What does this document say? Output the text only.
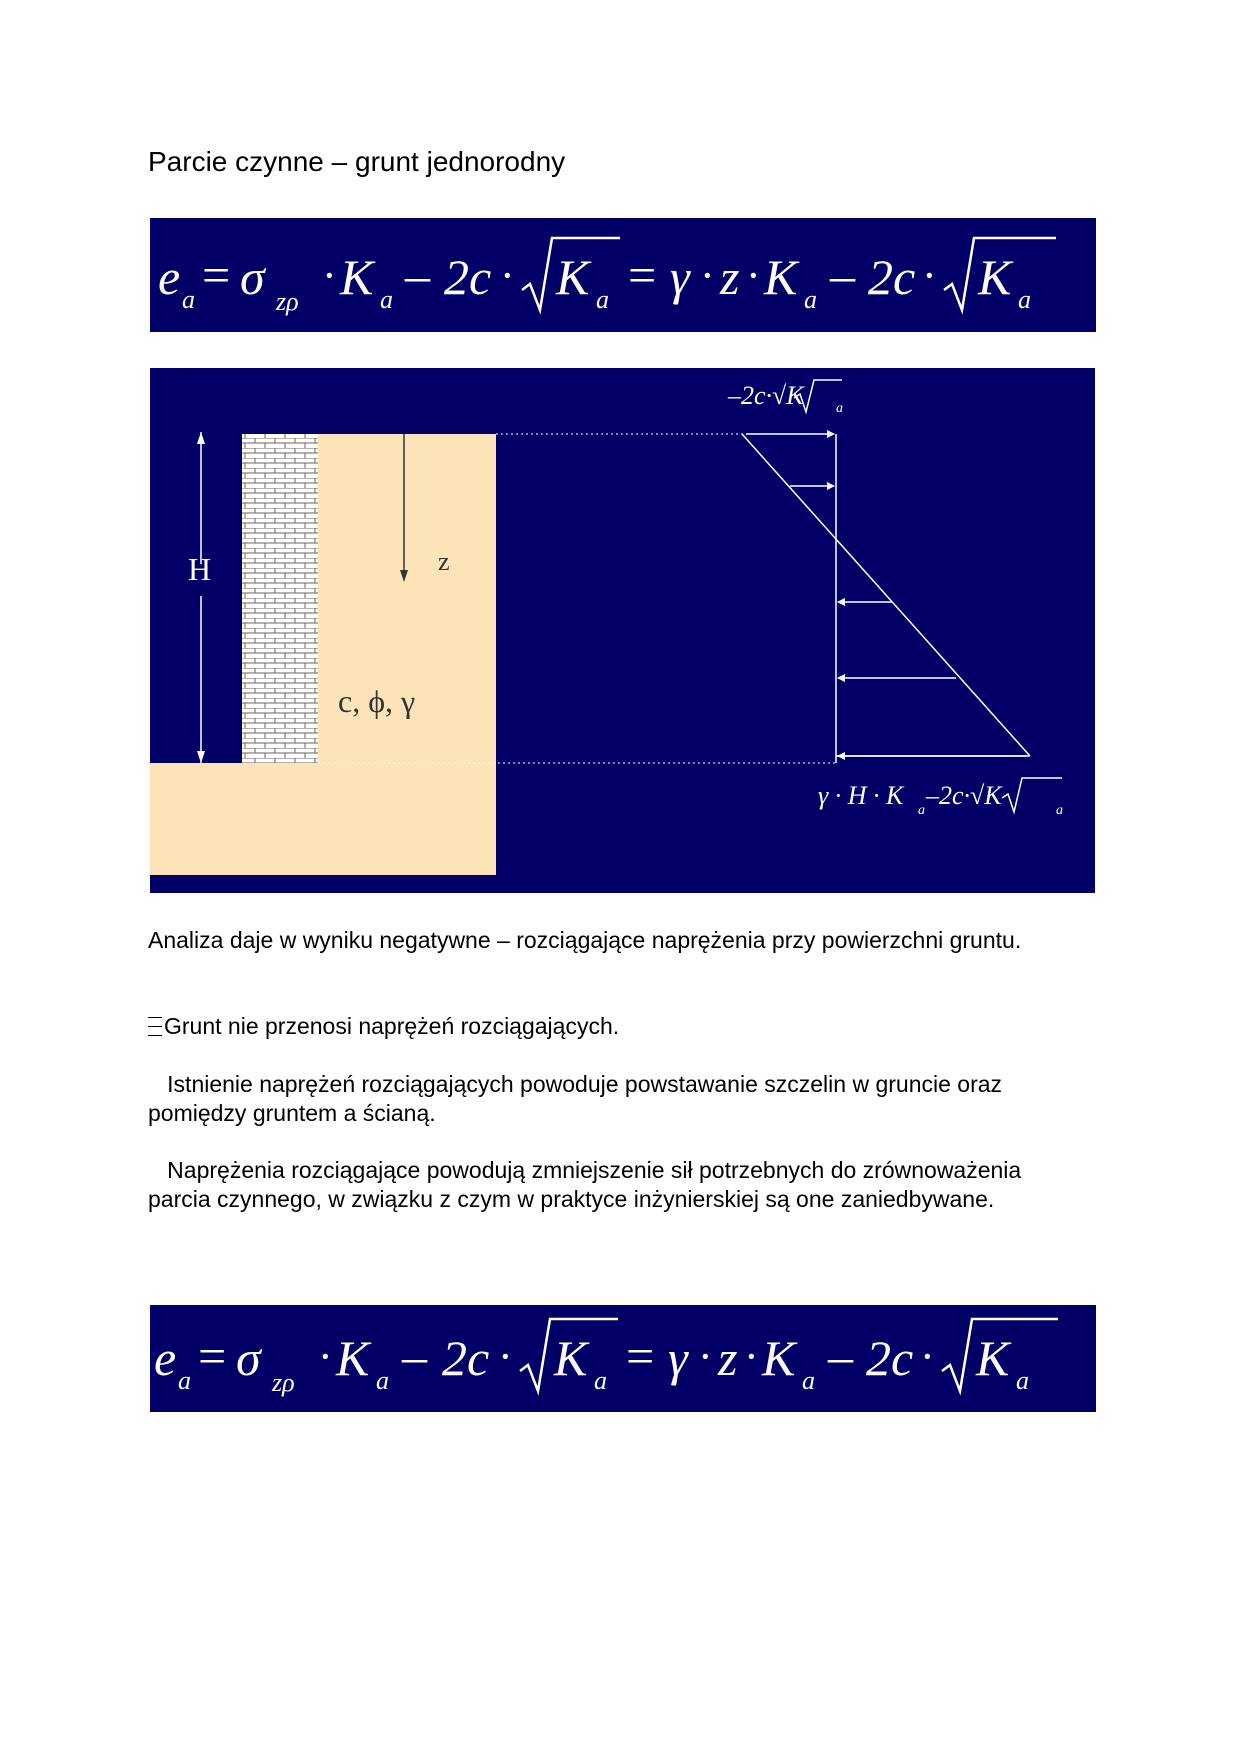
Parcie czynne – grunt jednorodny
e a = σ zρ
· K a – 2c · K a = γ · z · K a – 2c · K a
H	z
c, ϕ, γ
–2c·√K a
γ · H · K
a
–2c·√K
a
Analiza daje w wyniku negatywne – rozciągające naprężenia przy powierzchni gruntu.
Grunt nie przenosi naprężeń rozciągających.
Istnienie naprężeń rozciągających powoduje powstawanie szczelin w gruncie oraz pomiędzy gruntem a ścianą.
Naprężenia rozciągające powodują zmniejszenie sił potrzebnych do zrównoważenia parcia czynnego, w związku z czym w praktyce inżynierskiej są one zaniedbywane.
e a = σ zρ
· K a – 2c · K a = γ · z · K a – 2c · K a
